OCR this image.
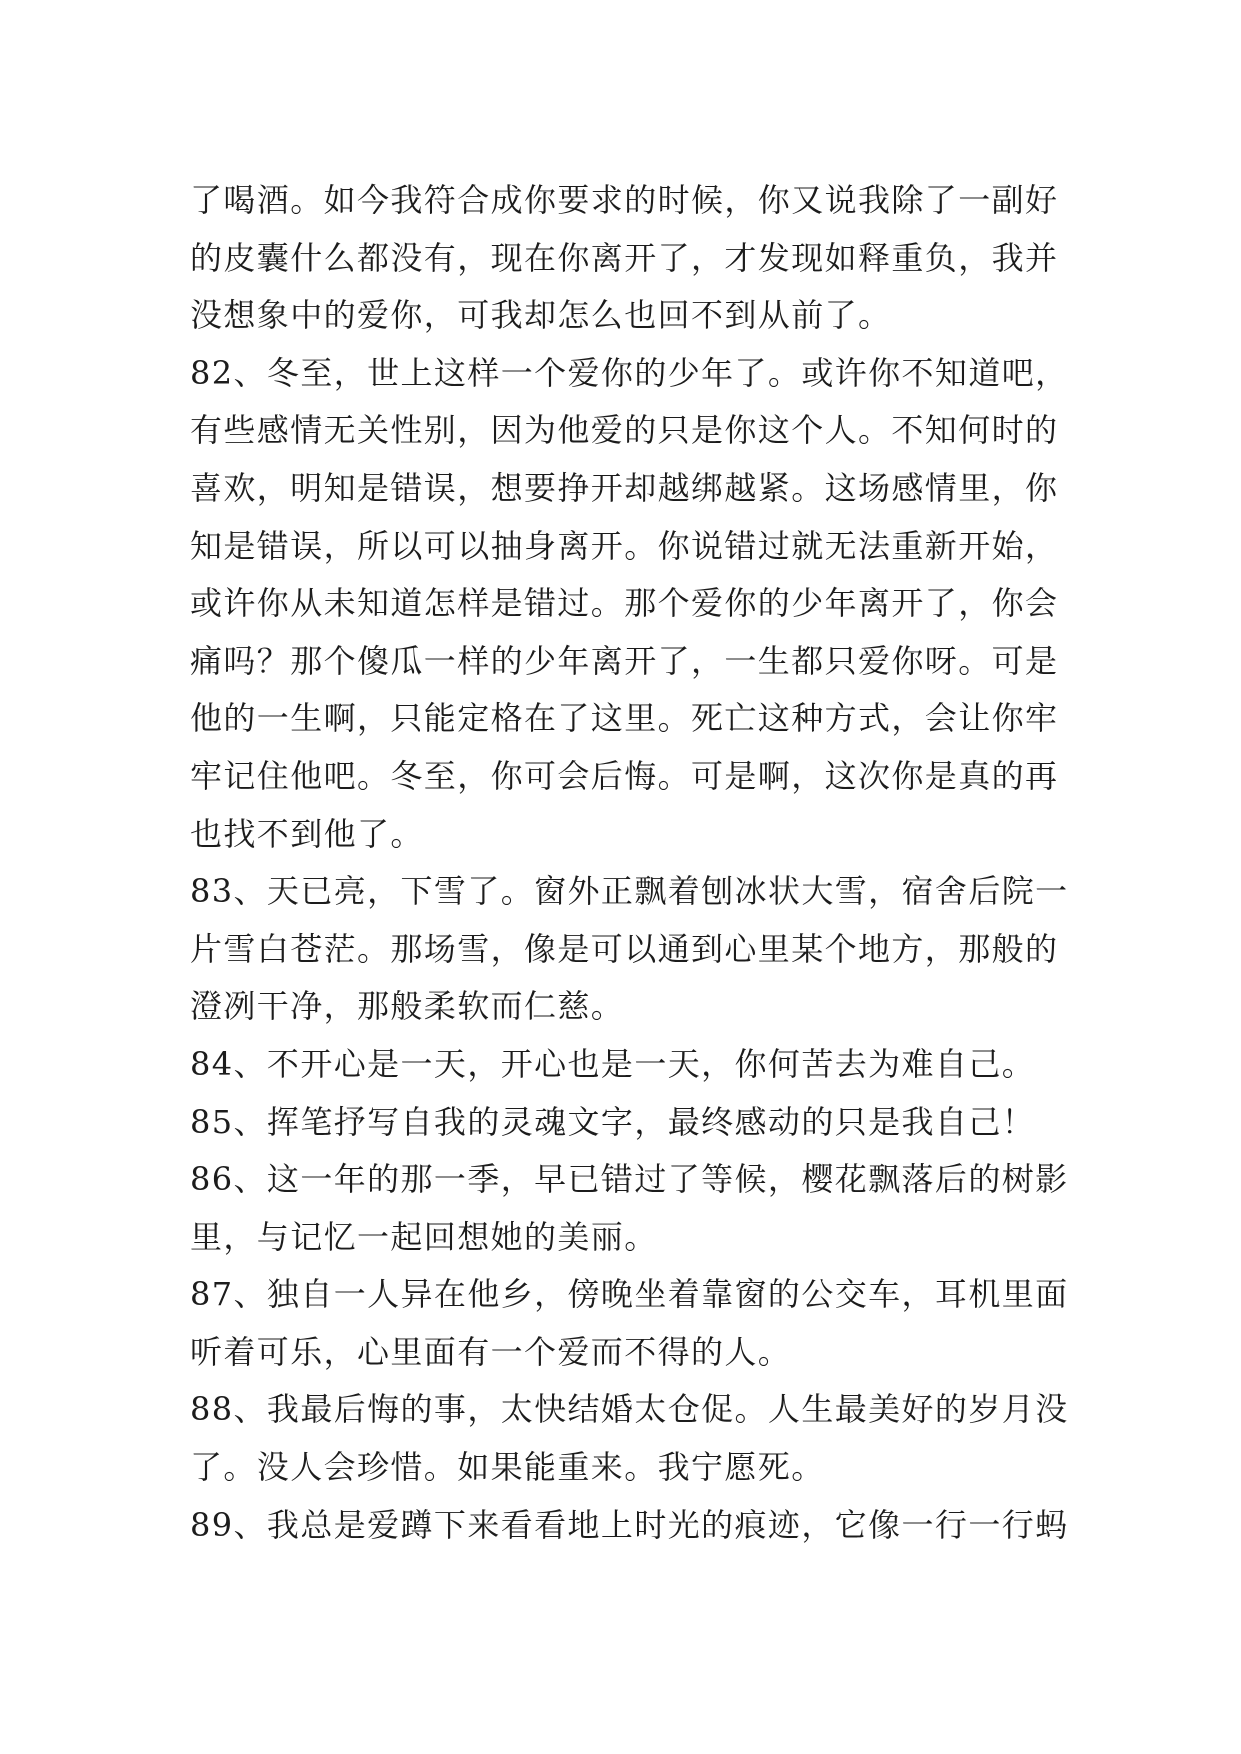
了喝酒。如今我符合成你要求的时候，你又说我除了一副好

的皮囊什么都没有，现在你离开了，才发现如释重负，我并

没想象中的爱你，可我却怎么也回不到从前了。

82、冬至，世上这样一个爱你的少年了。或许你不知道吧，

有些感情无关性别，因为他爱的只是你这个人。不知何时的

喜欢，明知是错误，想要挣开却越绑越紧。这场感情里，你

知是错误，所以可以抽身离开。你说错过就无法重新开始，

或许你从未知道怎样是错过。那个爱你的少年离开了，你会

痛吗？那个傻瓜一样的少年离开了，一生都只爱你呀。可是

他的一生啊，只能定格在了这里。死亡这种方式，会让你牢

牢记住他吧。冬至，你可会后悔。可是啊，这次你是真的再

也找不到他了。

83、天已亮，下雪了。窗外正飘着刨冰状大雪，宿舍后院一

片雪白苍茫。那场雪，像是可以通到心里某个地方，那般的

澄冽干净，那般柔软而仁慈。

84、不开心是一天，开心也是一天，你何苦去为难自己。

85、挥笔抒写自我的灵魂文字，最终感动的只是我自己！

86、这一年的那一季，早已错过了等候，樱花飘落后的树影

里，与记忆一起回想她的美丽。

87、独自一人异在他乡，傍晚坐着靠窗的公交车，耳机里面

听着可乐，心里面有一个爱而不得的人。

88、我最后悔的事，太快结婚太仓促。人生最美好的岁月没

了。没人会珍惜。如果能重来。我宁愿死。

89、我总是爱蹲下来看看地上时光的痕迹，它像一行一行蚂
